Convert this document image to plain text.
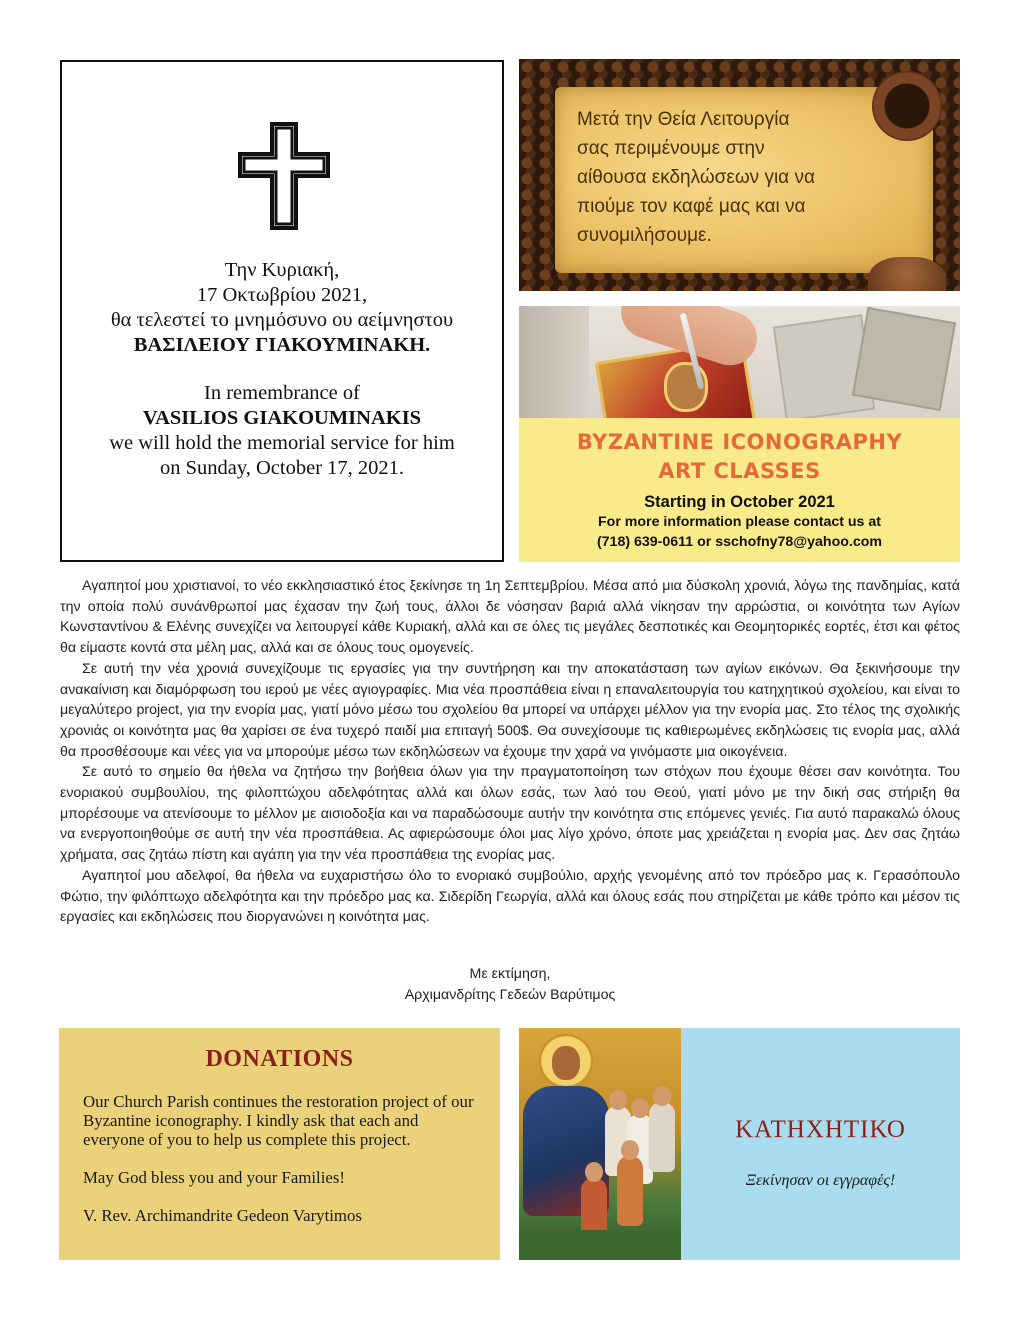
Την Κυριακή,
17 Οκτωβρίου 2021,
θα τελεστεί το μνημόσυνο ου αείμνηστου
ΒΑΣΙΛΕΙΟΥ ΓΙΑΚΟΥΜΙΝΑΚΗ.
In remembrance of
VASILIOS GIAKOUMINAKIS
we will hold the memorial service for him
on Sunday, October 17, 2021.
Μετά την Θεία Λειτουργία
σας περιμένουμε στην
αίθουσα εκδηλώσεων για να
πιούμε τον καφέ μας και να
συνομιλήσουμε.
BYZANTINE ICONOGRAPHY
ART CLASSES
Starting in October 2021
For more information please contact us at
(718) 639-0611 or sschofny78@yahoo.com

Αγαπητοί μου χριστιανοί, το νέο εκκλησιαστικό έτος ξεκίνησε τη 1η Σεπτεμβρίου. Μέσα από μια δύσκολη χρονιά, λόγω της πανδημίας, κατά την οποία πολύ συνάνθρωποί μας έχασαν την ζωή τους, άλλοι δε νόσησαν βαριά αλλά νίκησαν την αρρώστια, οι κοινότητα των Αγίων Κωνσταντίνου & Ελένης συνεχίζει να λειτουργεί κάθε Κυριακή, αλλά και σε όλες τις μεγάλες δεσποτικές και Θεομητορικές εορτές, έτσι και φέτος θα είμαστε κοντά στα μέλη μας, αλλά και σε όλους τους ομογενείς.

Σε αυτή την νέα χρονιά συνεχίζουμε τις εργασίες για την συντήρηση και την αποκατάσταση των αγίων εικόνων. Θα ξεκινήσουμε την ανακαίνιση και διαμόρφωση του ιερού με νέες αγιογραφίες. Μια νέα προσπάθεια είναι η επαναλειτουργία του κατηχητικού σχολείου, και είναι το μεγαλύτερο project, για την ενορία μας, γιατί μόνο μέσω του σχολείου θα μπορεί να υπάρχει μέλλον για την ενορία μας. Στο τέλος της σχολικής χρονιάς οι κοινότητα μας θα χαρίσει σε ένα τυχερό παιδί μια επιταγή 500$. Θα συνεχίσουμε τις καθιερωμένες εκδηλώσεις τις ενορία μας, αλλά θα προσθέσουμε και νέες για να μπορούμε μέσω των εκδηλώσεων να έχουμε την χαρά να γινόμαστε μια οικογένεια.

Σε αυτό το σημείο θα ήθελα να ζητήσω την βοήθεια όλων για την πραγματοποίηση των στόχων που έχουμε θέσει σαν κοινότητα. Του ενοριακού συμβουλίου, της φιλοπτώχου αδελφότητας αλλά και όλων εσάς, των λαό του Θεού, γιατί μόνο με την δική σας στήριξη θα μπορέσουμε να ατενίσουμε το μέλλον με αισιοδοξία και να παραδώσουμε αυτήν την κοινότητα στις επόμενες γενιές. Για αυτό παρακαλώ όλους να ενεργοποιηθούμε σε αυτή την νέα προσπάθεια. Ας αφιερώσουμε όλοι μας λίγο χρόνο, όποτε μας χρειάζεται η ενορία μας. Δεν σας ζητάω χρήματα, σας ζητάω πίστη και αγάπη για την νέα προσπάθεια της ενορίας μας.

Αγαπητοί μου αδελφοί, θα ήθελα να ευχαριστήσω όλο το ενοριακό συμβούλιο, αρχής γενομένης από τον πρόεδρο μας κ. Γερασόπουλο Φώτιο, την φιλόπτωχο αδελφότητα και την πρόεδρο μας κα. Σιδερίδη Γεωργία, αλλά και όλους εσάς που στηρίζεται με κάθε τρόπο και μέσον τις εργασίες και εκδηλώσεις που διοργανώνει η κοινότητα μας.

Με εκτίμηση,
Αρχιμανδρίτης Γεδεών Βαρύτιμος
DONATIONS
Our Church Parish continues the restoration project of our Byzantine iconography. I kindly ask that each and everyone of you to help us complete this project.
May God bless you and your Families!
V. Rev. Archimandrite Gedeon Varytimos
ΚΑΤΗΧΗΤΙΚΟ
Ξεκίνησαν οι εγγραφές!
